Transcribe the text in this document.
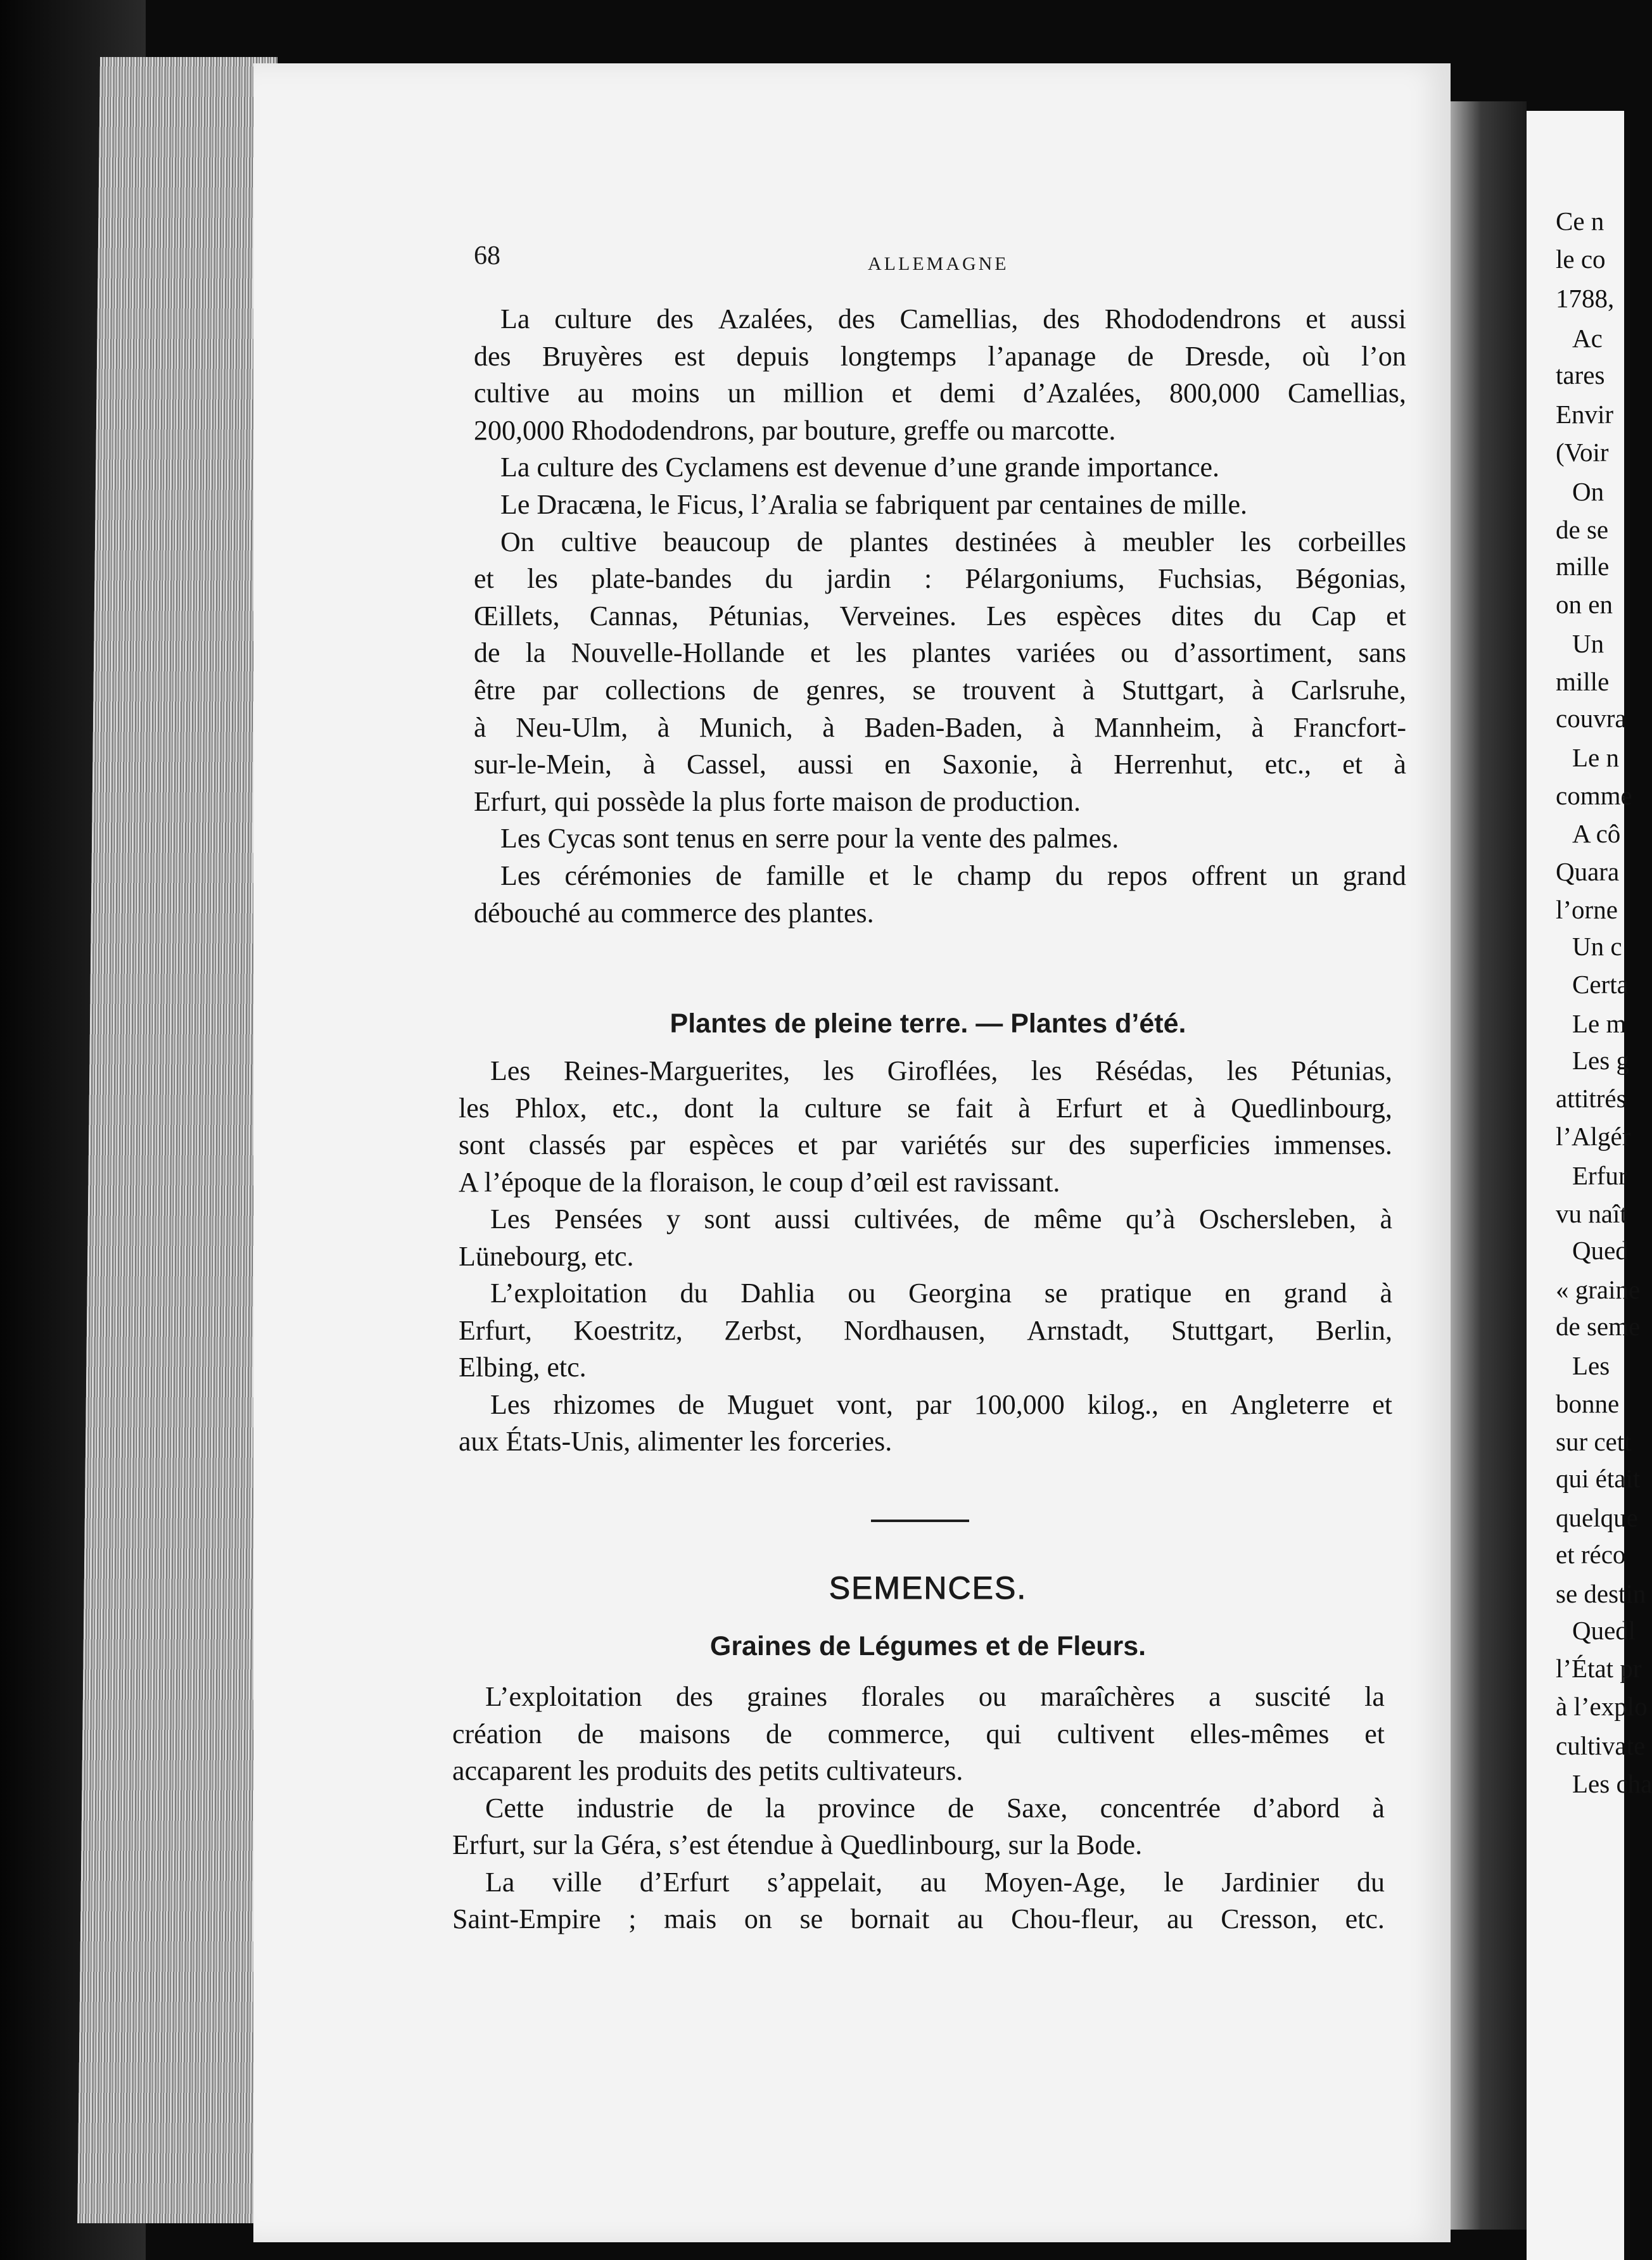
Ce n
le co
1788,
Ac
tares
Envir
(Voir
On
de se
mille
on en
Un
mille
couvra
Le n
comme
A cô
Quara
l’orne
Un c
Certa
Le m
Les g
attitrés
l’Algér
Erfur
vu naît
Qued
« graine
de seme
Les
bonne
sur cett
qui était
quelque
et réco
se destin
Quedl
l’État pr
à l’explo
cultivate
Les cha
68	ALLEMAGNE
La culture des Azalées, des Camellias, des Rhododendrons et aussi
des Bruyères est depuis longtemps l’apanage de Dresde, où l’on
cultive au moins un million et demi d’Azalées, 800,000 Camellias,
200,000 Rhododendrons, par bouture, greffe ou marcotte.
La culture des Cyclamens est devenue d’une grande importance.
Le Dracæna, le Ficus, l’Aralia se fabriquent par centaines de mille.
On cultive beaucoup de plantes destinées à meubler les corbeilles
et les plate-bandes du jardin : Pélargoniums, Fuchsias, Bégonias,
Œillets, Cannas, Pétunias, Verveines. Les espèces dites du Cap et
de la Nouvelle-Hollande et les plantes variées ou d’assortiment, sans
être par collections de genres, se trouvent à Stuttgart, à Carlsruhe,
à Neu-Ulm, à Munich, à Baden-Baden, à Mannheim, à Francfort-
sur-le-Mein, à Cassel, aussi en Saxonie, à Herrenhut, etc., et à
Erfurt, qui possède la plus forte maison de production.
Les Cycas sont tenus en serre pour la vente des palmes.
Les cérémonies de famille et le champ du repos offrent un grand
débouché au commerce des plantes.
Plantes de pleine terre. — Plantes d’été.
Les Reines-Marguerites, les Giroflées, les Résédas, les Pétunias,
les Phlox, etc., dont la culture se fait à Erfurt et à Quedlinbourg,
sont classés par espèces et par variétés sur des superficies immenses.
A l’époque de la floraison, le coup d’œil est ravissant.
Les Pensées y sont aussi cultivées, de même qu’à Oschersleben, à
Lünebourg, etc.
L’exploitation du Dahlia ou Georgina se pratique en grand à
Erfurt, Koestritz, Zerbst, Nordhausen, Arnstadt, Stuttgart, Berlin,
Elbing, etc.
Les rhizomes de Muguet vont, par 100,000 kilog., en Angleterre et
aux États-Unis, alimenter les forceries.
SEMENCES.
Graines de Légumes et de Fleurs.
L’exploitation des graines florales ou maraîchères a suscité la
création de maisons de commerce, qui cultivent elles-mêmes et
accaparent les produits des petits cultivateurs.
Cette industrie de la province de Saxe, concentrée d’abord à
Erfurt, sur la Géra, s’est étendue à Quedlinbourg, sur la Bode.
La ville d’Erfurt s’appelait, au Moyen-Age, le Jardinier du
Saint-Empire ; mais on se bornait au Chou-fleur, au Cresson, etc.
